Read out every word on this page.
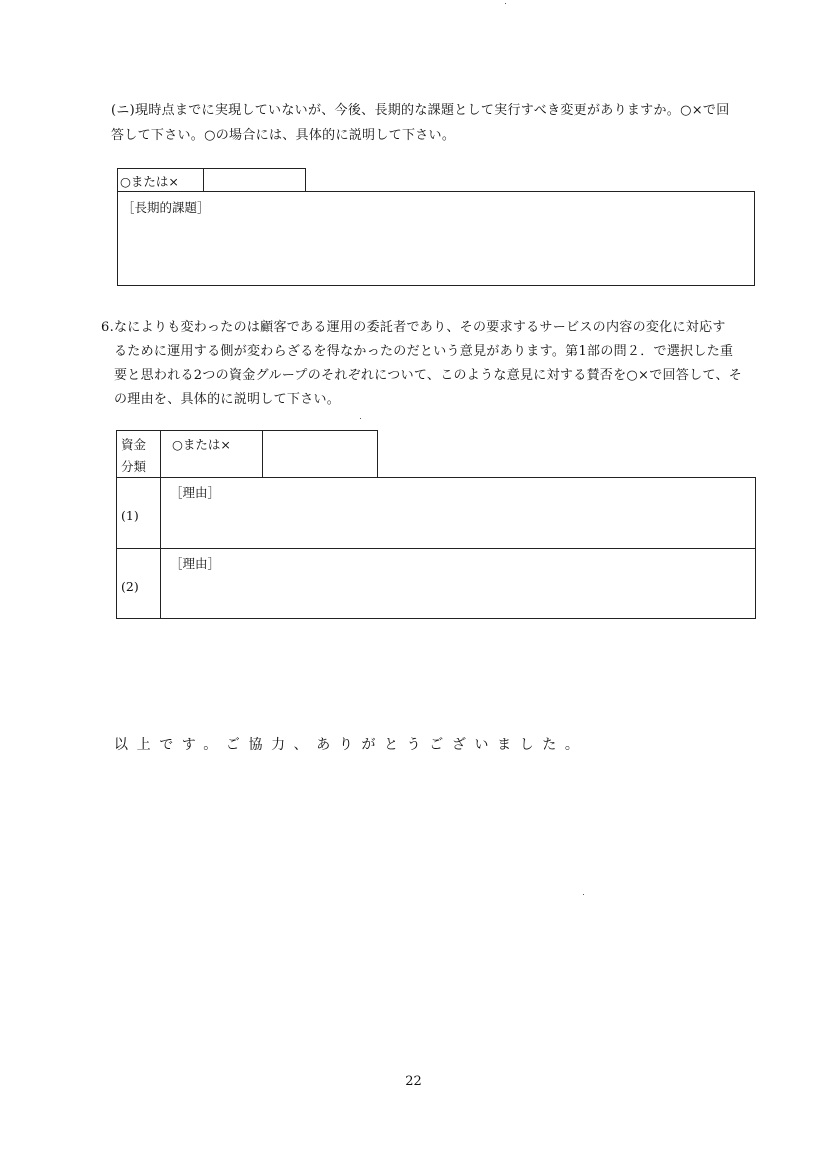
(ニ)現時点までに実現していないが、今後、長期的な課題として実行すべき変更がありますか。○×で回
答して下さい。○の場合には、具体的に説明して下さい。
○または×
［長期的課題］
6.なによりも変わったのは顧客である運用の委託者であり、その要求するサービスの内容の変化に対応す
るために運用する側が変わらざるを得なかったのだという意見があります。第1部の問２．で選択した重
要と思われる2つの資金グループのそれぞれについて、このような意見に対する賛否を○×で回答して、そ
の理由を、具体的に説明して下さい。
資金
分類
○または×
(1)
［理由］
(2)
［理由］
以上です。ご協力、ありがとうございました。
22
